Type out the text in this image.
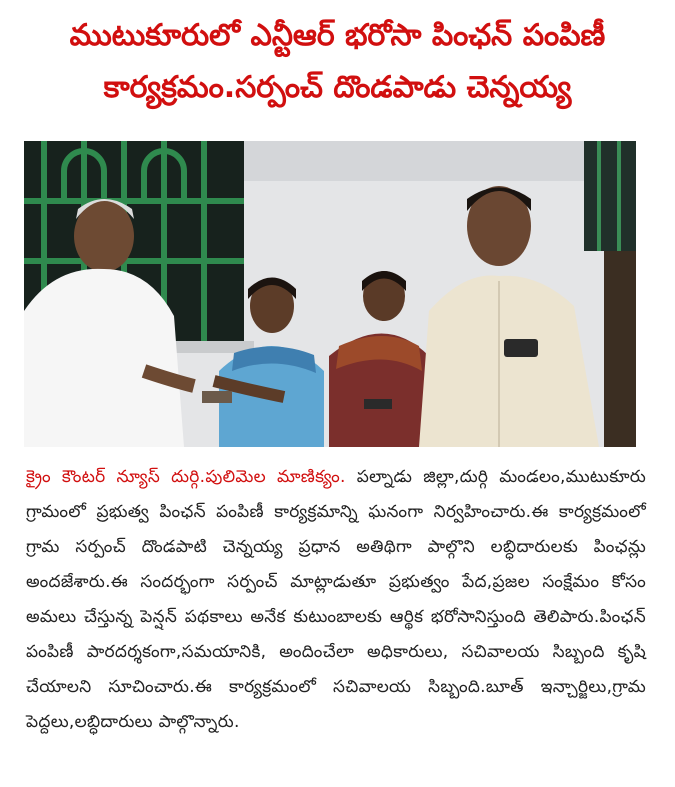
ముటుకూరులో ఎన్టీఆర్ భరోసా పింఛన్ పంపిణీ
కార్యక్రమం.సర్పంచ్ దొండపాడు చెన్నయ్య
క్రైం కౌంటర్ న్యూస్ దుర్గి.పులిమెల మాణిక్యం. పల్నాడు జిల్లా,దుర్గి మండలం,ముటుకూరు గ్రామంలో ప్రభుత్వ పింఛన్ పంపిణీ కార్యక్రమాన్ని ఘనంగా నిర్వహించారు.ఈ కార్యక్రమంలో గ్రామ సర్పంచ్ దొండపాటి చెన్నయ్య ప్రధాన అతిథిగా పాల్గొని లబ్ధిదారులకు పింఛన్లు అందజేశారు.ఈ సందర్భంగా సర్పంచ్ మాట్లాడుతూ ప్రభుత్వం పేద,ప్రజల సంక్షేమం కోసం అమలు చేస్తున్న పెన్షన్ పథకాలు అనేక కుటుంబాలకు ఆర్థిక భరోసానిస్తుంది తెలిపారు.పింఛన్ పంపిణీ పారదర్శకంగా,సమయానికి, అందించేలా అధికారులు, సచివాలయ సిబ్బంది కృషి చేయాలని సూచించారు.ఈ కార్యక్రమంలో సచివాలయ సిబ్బంది.బూత్ ఇన్చార్జిలు,గ్రామ పెద్దలు,లబ్ధిదారులు పాల్గొన్నారు.
